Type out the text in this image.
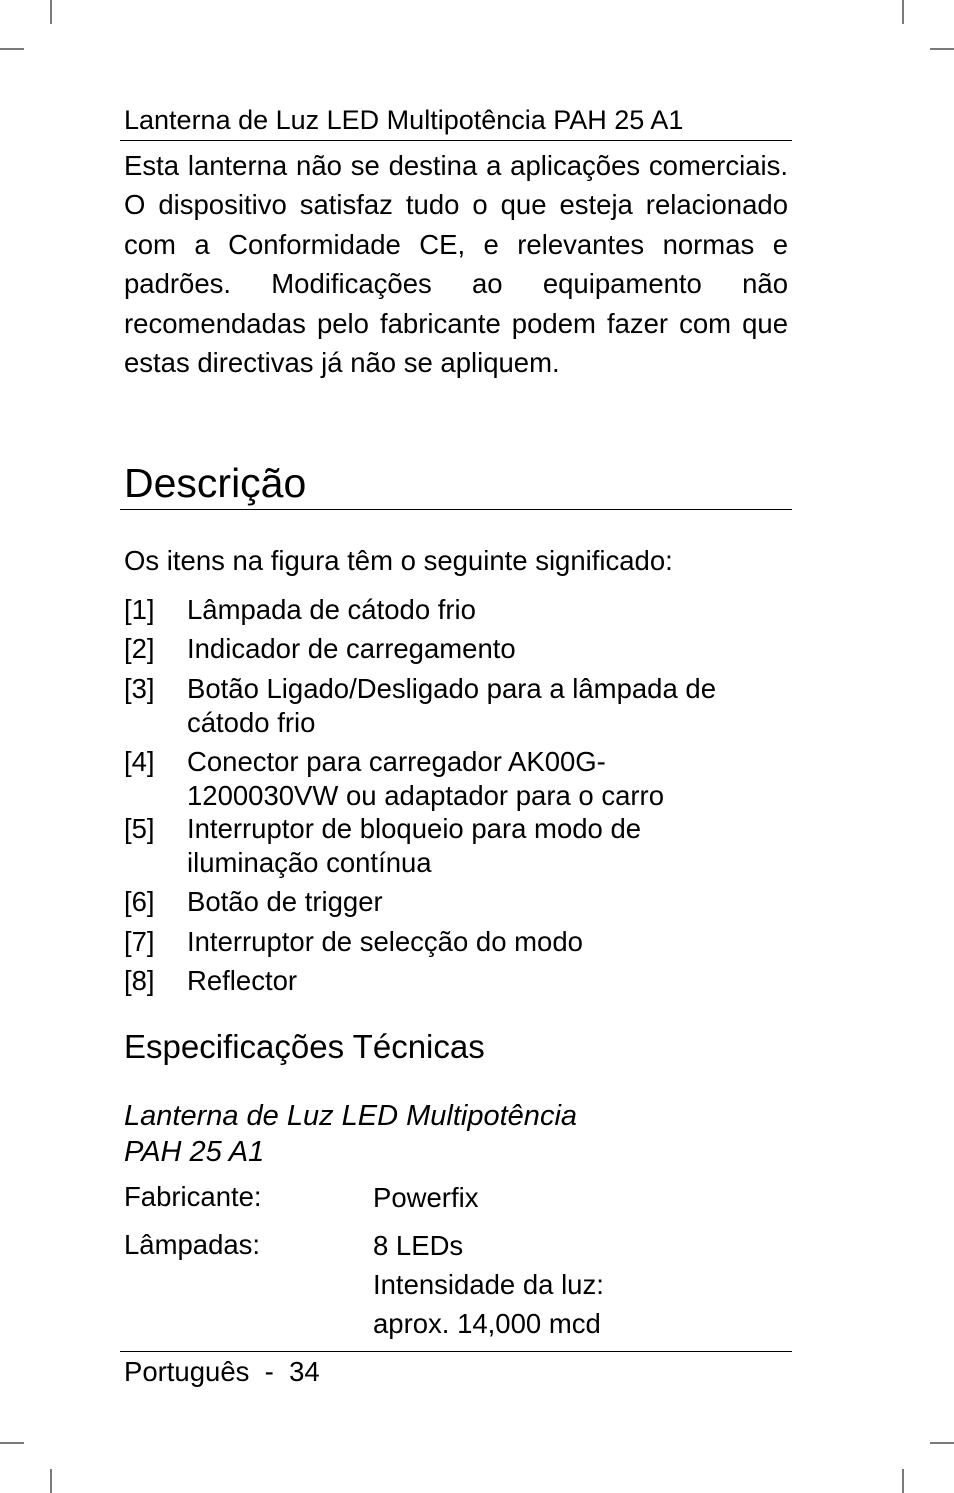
Lanterna de Luz LED Multipotência PAH 25 A1
Esta lanterna não se destina a aplicações comerciais. O dispositivo satisfaz tudo o que esteja relacionado com a Conformidade CE, e relevantes normas e padrões. Modificações ao equipamento não recomendadas pelo fabricante podem fazer com que estas directivas já não se apliquem.
Descrição
Os itens na figura têm o seguinte significado:
[1] Lâmpada de cátodo frio
[2] Indicador de carregamento
[3] Botão Ligado/Desligado para a lâmpada de cátodo frio
[4] Conector para carregador AK00G-1200030VW ou adaptador para o carro
[5] Interruptor de bloqueio para modo de iluminação contínua
[6] Botão de trigger
[7] Interruptor de selecção do modo
[8] Reflector
Especificações Técnicas
Lanterna de Luz LED Multipotência
PAH 25 A1
Fabricante:	Powerfix
Lâmpadas:	8 LEDs
Intensidade da luz:
aprox. 14,000 mcd
Português - 34
